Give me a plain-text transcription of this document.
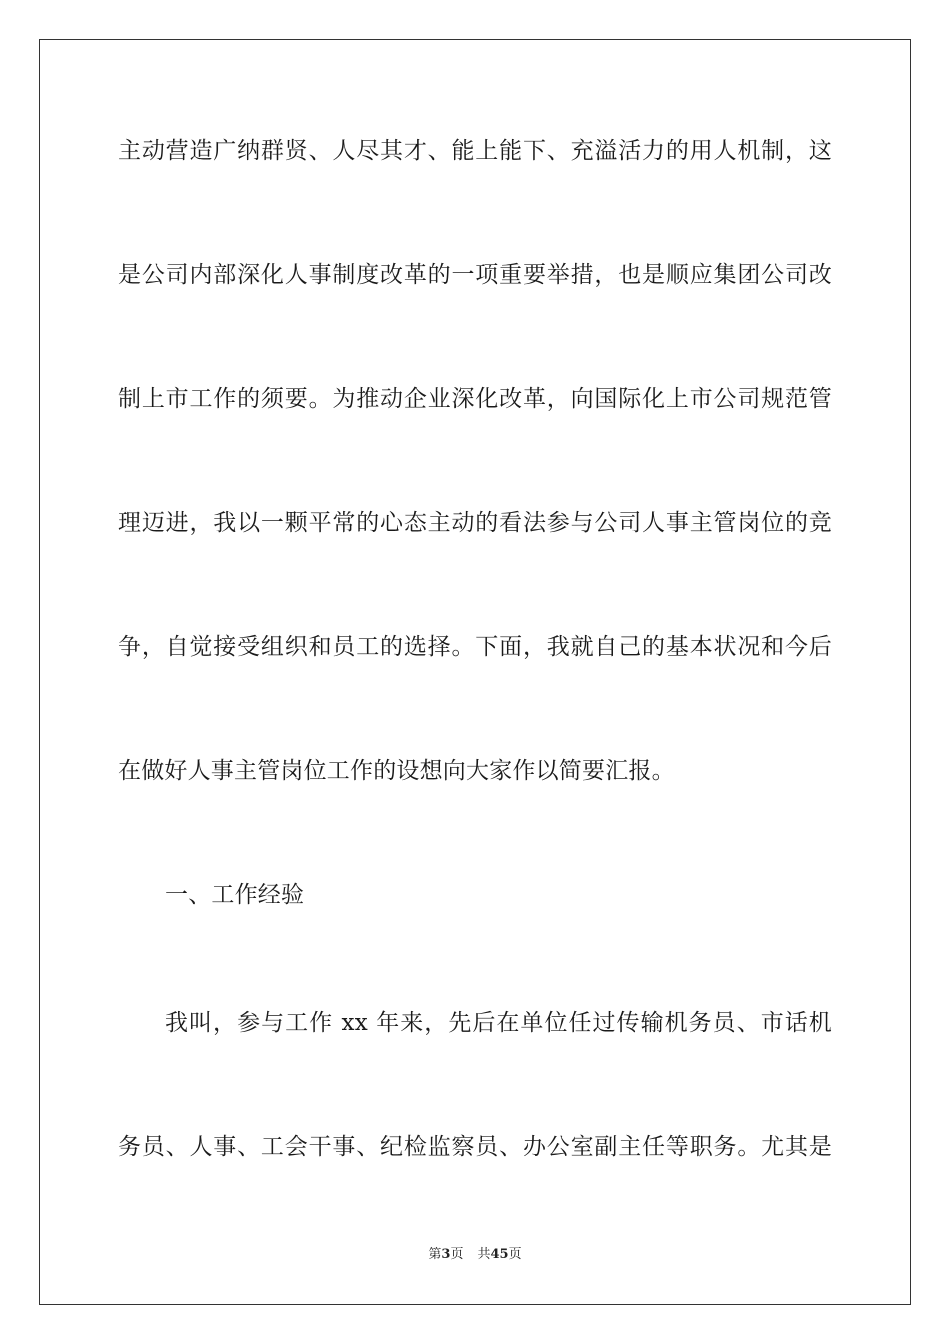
主动营造广纳群贤、人尽其才、能上能下、充溢活力的用人机制，这
是公司内部深化人事制度改革的一项重要举措，也是顺应集团公司改
制上市工作的须要。为推动企业深化改革，向国际化上市公司规范管
理迈进，我以一颗平常的心态主动的看法参与公司人事主管岗位的竞
争，自觉接受组织和员工的选择。下面，我就自己的基本状况和今后
在做好人事主管岗位工作的设想向大家作以简要汇报。
一、工作经验
我叫，参与工作 xx 年来，先后在单位任过传输机务员、市话机
务员、人事、工会干事、纪检监察员、办公室副主任等职务。尤其是
第3页 共45页
